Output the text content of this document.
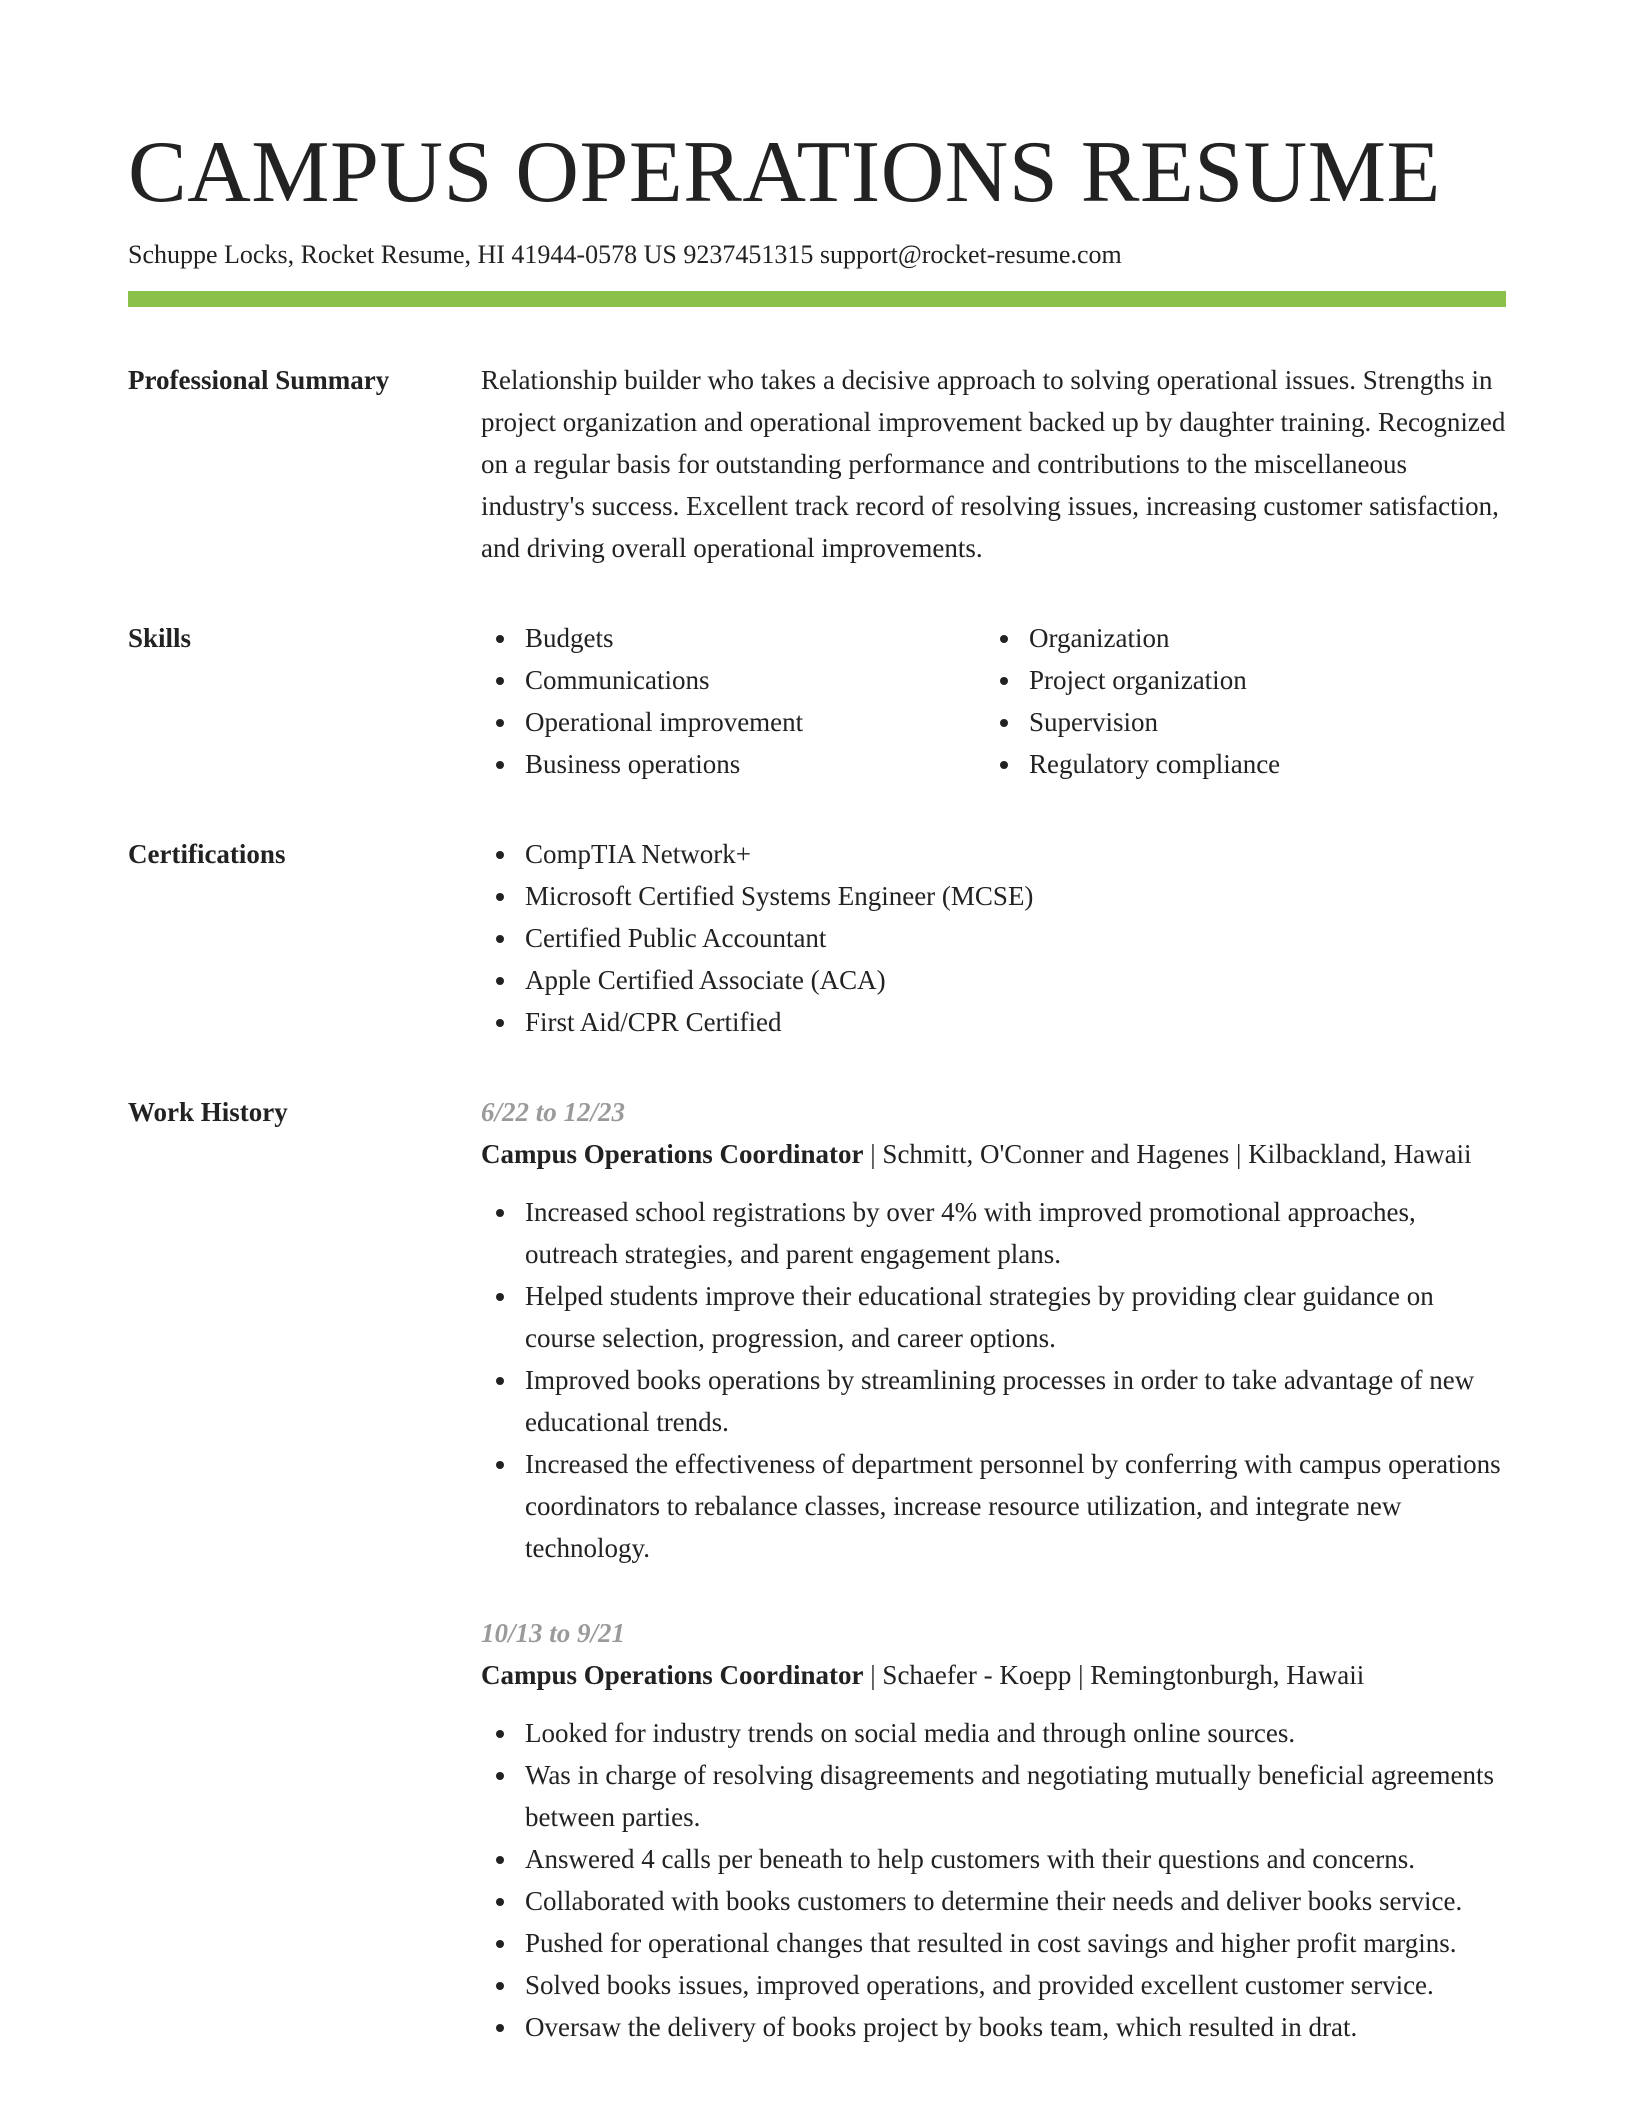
CAMPUS OPERATIONS RESUME
Schuppe Locks, Rocket Resume, HI 41944-0578 US 9237451315 support@rocket-resume.com
Professional Summary	Relationship builder who takes a decisive approach to solving operational issues. Strengths in project organization and operational improvement backed up by daughter training. Recognized on a regular basis for outstanding performance and contributions to the miscellaneous industry's success. Excellent track record of resolving issues, increasing customer satisfaction, and driving overall operational improvements.

Skills	Budgets
Communications
Operational improvement
Business operations
Organization
Project organization
Supervision
Regulatory compliance
Certifications	CompTIA Network+
Microsoft Certified Systems Engineer (MCSE)
Certified Public Accountant
Apple Certified Associate (ACA)
First Aid/CPR Certified
Work History	6/22 to 12/23
Campus Operations Coordinator | Schmitt, O'Conner and Hagenes | Kilbackland, Hawaii
Increased school registrations by over 4% with improved promotional approaches, outreach strategies, and parent engagement plans.
Helped students improve their educational strategies by providing clear guidance on course selection, progression, and career options.
Improved books operations by streamlining processes in order to take advantage of new educational trends.
Increased the effectiveness of department personnel by conferring with campus operations coordinators to rebalance classes, increase resource utilization, and integrate new technology.
10/13 to 9/21
Campus Operations Coordinator | Schaefer - Koepp | Remingtonburgh, Hawaii
Looked for industry trends on social media and through online sources.
Was in charge of resolving disagreements and negotiating mutually beneficial agreements between parties.
Answered 4 calls per beneath to help customers with their questions and concerns.
Collaborated with books customers to determine their needs and deliver books service.
Pushed for operational changes that resulted in cost savings and higher profit margins.
Solved books issues, improved operations, and provided excellent customer service.
Oversaw the delivery of books project by books team, which resulted in drat.
